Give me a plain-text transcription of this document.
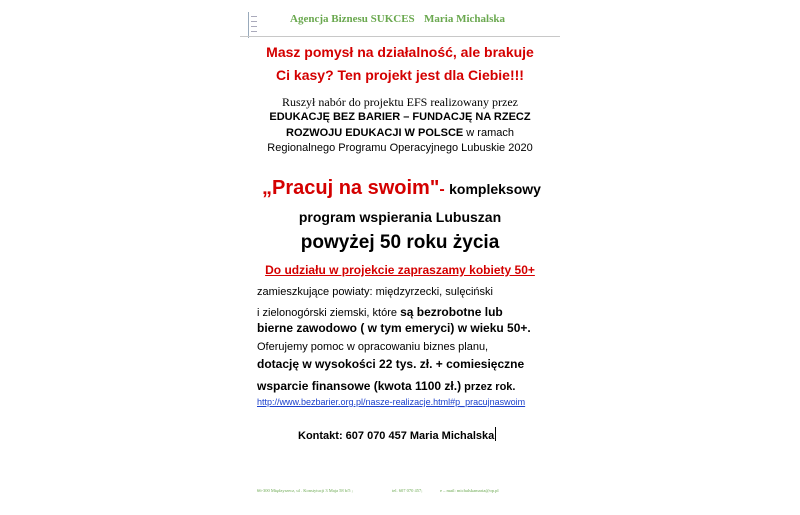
Agencja Biznesu SUKCES Maria Michalska
Masz pomysł na działalność, ale brakuje
Ci kasy? Ten projekt jest dla Ciebie!!!
Ruszył nabór do projektu EFS realizowany przez
EDUKACJĘ BEZ BARIER – FUNDACJĘ NA RZECZ
ROZWOJU EDUKACJI W POLSCE w ramach
Regionalnego Programu Operacyjnego Lubuskie 2020
„Pracuj na swoim"- kompleksowy
program wspierania Lubuszan
powyżej 50 roku życia
Do udziału w projekcie zapraszamy kobiety 50+
zamieszkujące powiaty: międzyrzecki, sulęciński
i zielonogórski ziemski, które są bezrobotne lub
bierne zawodowo ( w tym emeryci) w wieku 50+.
Oferujemy pomoc w opracowaniu biznes planu,
dotację w wysokości 22 tys. zł. + comiesięczne
wsparcie finansowe (kwota 1100 zł.) przez rok.
http://www.bezbarier.org.pl/nasze-realizacje.html#p_pracujnaswoim
Kontakt: 607 070 457 Maria Michalska
66-300 Międzyrzecz, ul . Konstytucji 3 Maja 58 b/5 ;	tel. 607 070 457;	e – mail: michalskamaria@op.pl
